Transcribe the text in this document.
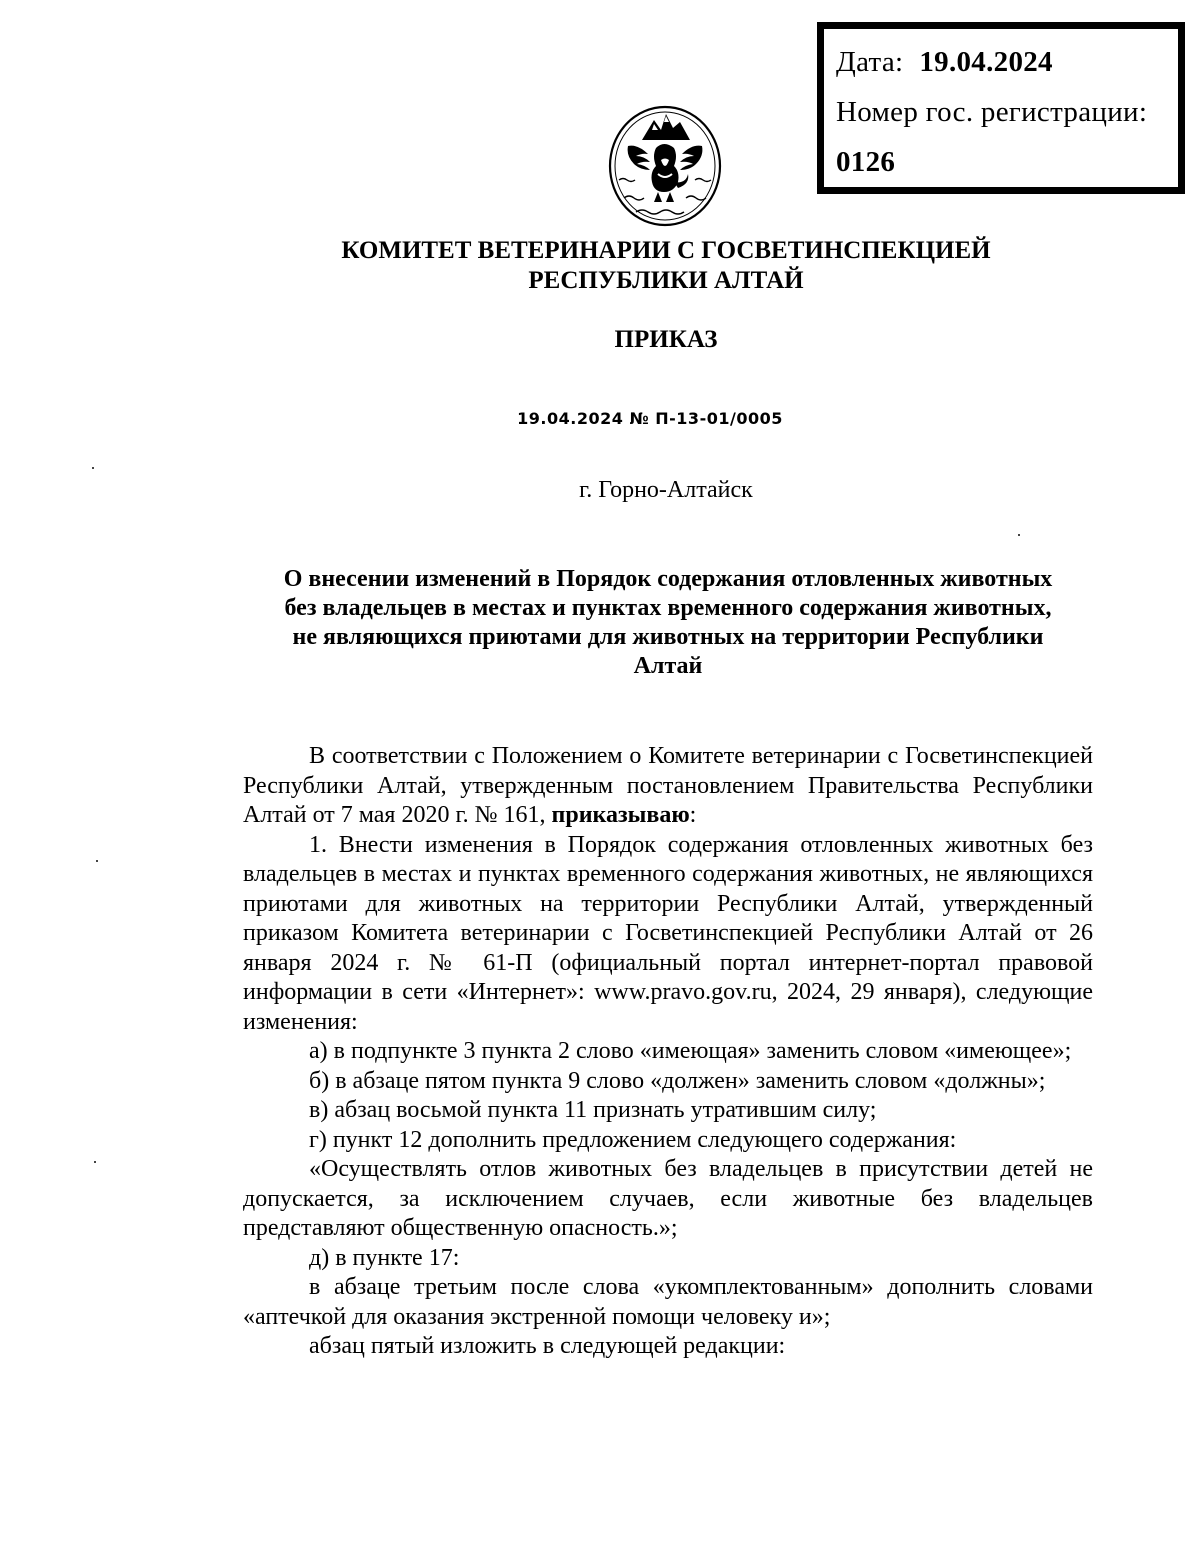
Дата: 19.04.2024
Номер гос. регистрации:
0126
КОМИТЕТ ВЕТЕРИНАРИИ С ГОСВЕТИНСПЕКЦИЕЙ
РЕСПУБЛИКИ АЛТАЙ
ПРИКАЗ
19.04.2024 № П-13-01/0005
г. Горно-Алтайск
О внесении изменений в Порядок содержания отловленных животных
без владельцев в местах и пунктах временного содержания животных,
не являющихся приютами для животных на территории Республики
Алтай

В соответствии с Положением о Комитете ветеринарии с Госветинспекцией Республики Алтай, утвержденным постановлением Правительства Республики Алтай от 7 мая 2020 г. № 161, приказываю:

1. Внести изменения в Порядок содержания отловленных животных без владельцев в местах и пунктах временного содержания животных, не являющихся приютами для животных на территории Республики Алтай, утвержденный приказом Комитета ветеринарии с Госветинспекцией Республики Алтай от 26 января 2024 г. № 61-П (официальный портал интернет-портал правовой информации в сети «Интернет»: www.pravo.gov.ru, 2024, 29 января), следующие изменения:

а) в подпункте 3 пункта 2 слово «имеющая» заменить словом «имеющее»;

б) в абзаце пятом пункта 9 слово «должен» заменить словом «должны»;

в) абзац восьмой пункта 11 признать утратившим силу;

г) пункт 12 дополнить предложением следующего содержания:

«Осуществлять отлов животных без владельцев в присутствии детей не допускается, за исключением случаев, если животные без владельцев представляют общественную опасность.»;

д) в пункте 17:

в абзаце третьим после слова «укомплектованным» дополнить словами «аптечкой для оказания экстренной помощи человеку и»;

абзац пятый изложить в следующей редакции:
